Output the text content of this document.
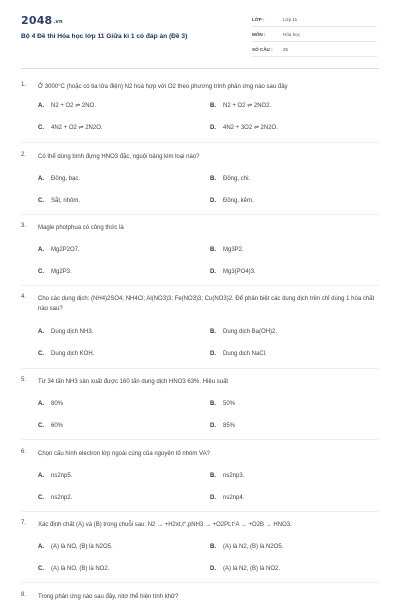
2048.vn
Bộ 4 Đề thi Hóa học lớp 11 Giữa kì 1 có đáp án (Đề 3)
LỚP :	Lớp 11
MÔN :	Hóa học
SỐ CÂU : 25
1. Ở 3000°C (hoặc có tia lửa điện) N2 hoá hợp với O2 theo phương trình phản ứng nào sau đây
A. N2 + O2 ⇌ 2NO.	B. N2 + O2 ⇌ 2NO2.
C. 4N2 + O2 ⇌ 2N2O.	D. 4N2 + 3O2 ⇌ 2N2O.
2. Có thể dùng bình đựng HNO3 đặc, nguội bảng kim loại nào?
A. Đồng, bạc.	B. Đồng, chì.
C. Sắt, nhôm.	D. Đồng, kẽm.
3. Magie photphua có công thức là
A. Mg2P2O7.	B. Mg3P2.
C. Mg2P3.	D. Mg3(PO4)3.
4. Cho các dung dịch: (NH4)2SO4; NH4Cl; Al(NO3)3; Fe(NO3)3; Cu(NO3)2. Để phân biệt các dung dịch trên chỉ dùng 1 hóa chất nào sau?
A. Dung dịch NH3.	B. Dung dịch Ba(OH)2.
C. Dung dịch KOH.	D. Dung dịch NaCl.
5. Từ 34 tấn NH3 sản xuất được 160 tấn dung dịch HNO3 63%. Hiệu suất
A. 80%	B. 50%
C. 60%	D. 85%
6. Chọn cấu hình electron lớp ngoài cùng của nguyên tố nhóm VA?
A. ns2np5.	B. ns2np3.
C. ns2np2.	D. ns2np4.
7. Xác định chất (A) và (B) trong chuỗi sau: N2 → +H2xt,t°,pNH3 → +O2Pt,t°A → +O2B → HNO3.
A. (A) là NO, (B) là N2O5.	B. (A) là N2, (B) là N2O5.
C. (A) là NO, (B) là NO2.	D. (A) là N2, (B) là NO2.
8. Trong phản ứng nào sau đây, nitơ thể hiện tính khử?
